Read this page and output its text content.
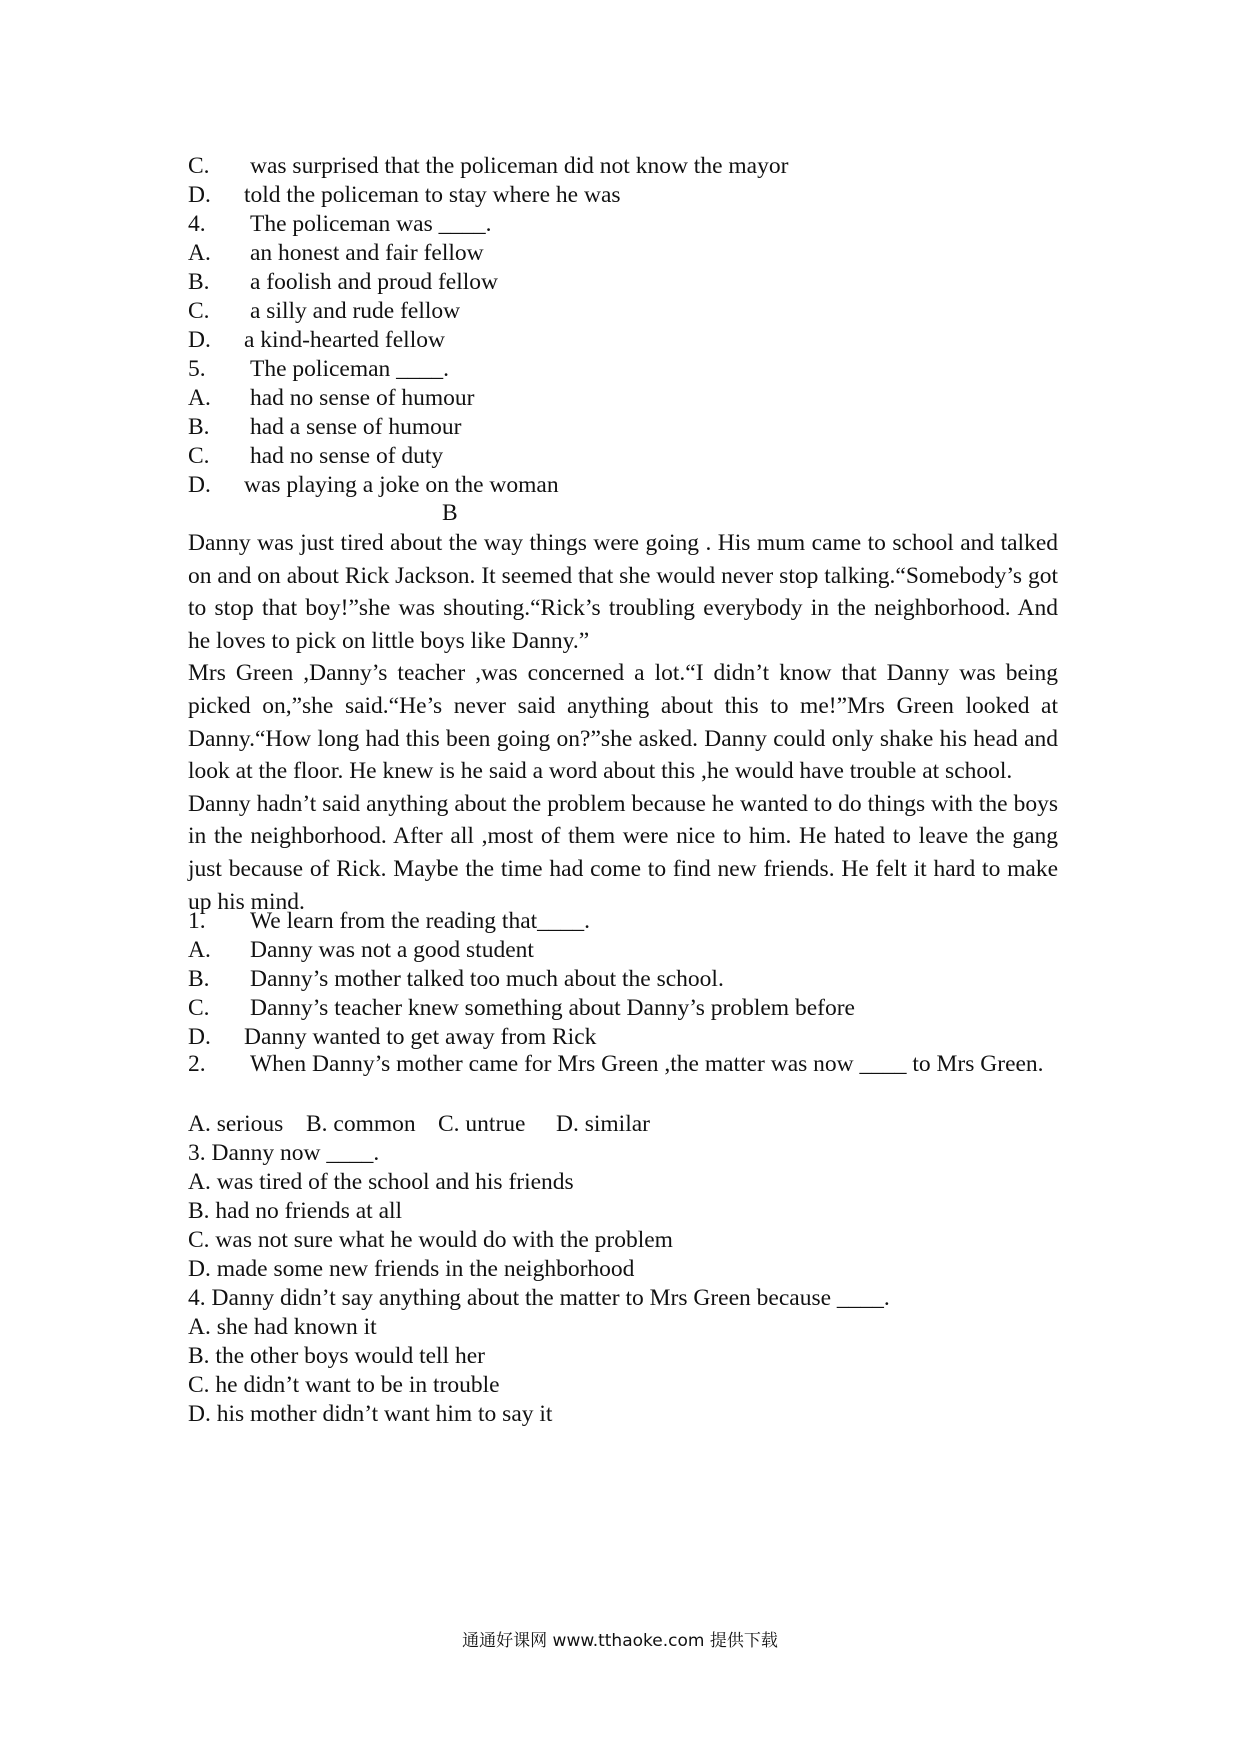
C. was surprised that the policeman did not know the mayor
D. told the policeman to stay where he was
4. The policeman was ____.
A. an honest and fair fellow
B. a foolish and proud fellow
C. a silly and rude fellow
D. a kind-hearted fellow
5. The policeman ____.
A. had no sense of humour
B. had a sense of humour
C. had no sense of duty
D. was playing a joke on the woman
B

Danny was just tired about the way things were going . His mum came to school and talked on and on about Rick Jackson. It seemed that she would never stop talking.“Somebody’s got to stop that boy!”she was shouting.“Rick’s troubling everybody in the neighborhood. And he loves to pick on little boys like Danny.”

Mrs Green ,Danny’s teacher ,was concerned a lot.“I didn’t know that Danny was being picked on,”she said.“He’s never said anything about this to me!”Mrs Green looked at Danny.“How long had this been going on?”she asked. Danny could only shake his head and look at the floor. He knew is he said a word about this ,he would have trouble at school.

Danny hadn’t said anything about the problem because he wanted to do things with the boys in the neighborhood. After all ,most of them were nice to him. He hated to leave the gang just because of Rick. Maybe the time had come to find new friends. He felt it hard to make up his mind.

1. We learn from the reading that____.
A. Danny was not a good student
B. Danny’s mother talked too much about the school.
C. Danny’s teacher knew something about Danny’s problem before
D. Danny wanted to get away from Rick
2. When Danny’s mother came for Mrs Green ,the matter was now ____ to Mrs Green.
A. serious B. common C. untrue D. similar
3. Danny now ____.
A. was tired of the school and his friends
B. had no friends at all
C. was not sure what he would do with the problem
D. made some new friends in the neighborhood
4. Danny didn’t say anything about the matter to Mrs Green because ____.
A. she had known it
B. the other boys would tell her
C. he didn’t want to be in trouble
D. his mother didn’t want him to say it
通通好课网 www.tthaoke.com 提供下载
